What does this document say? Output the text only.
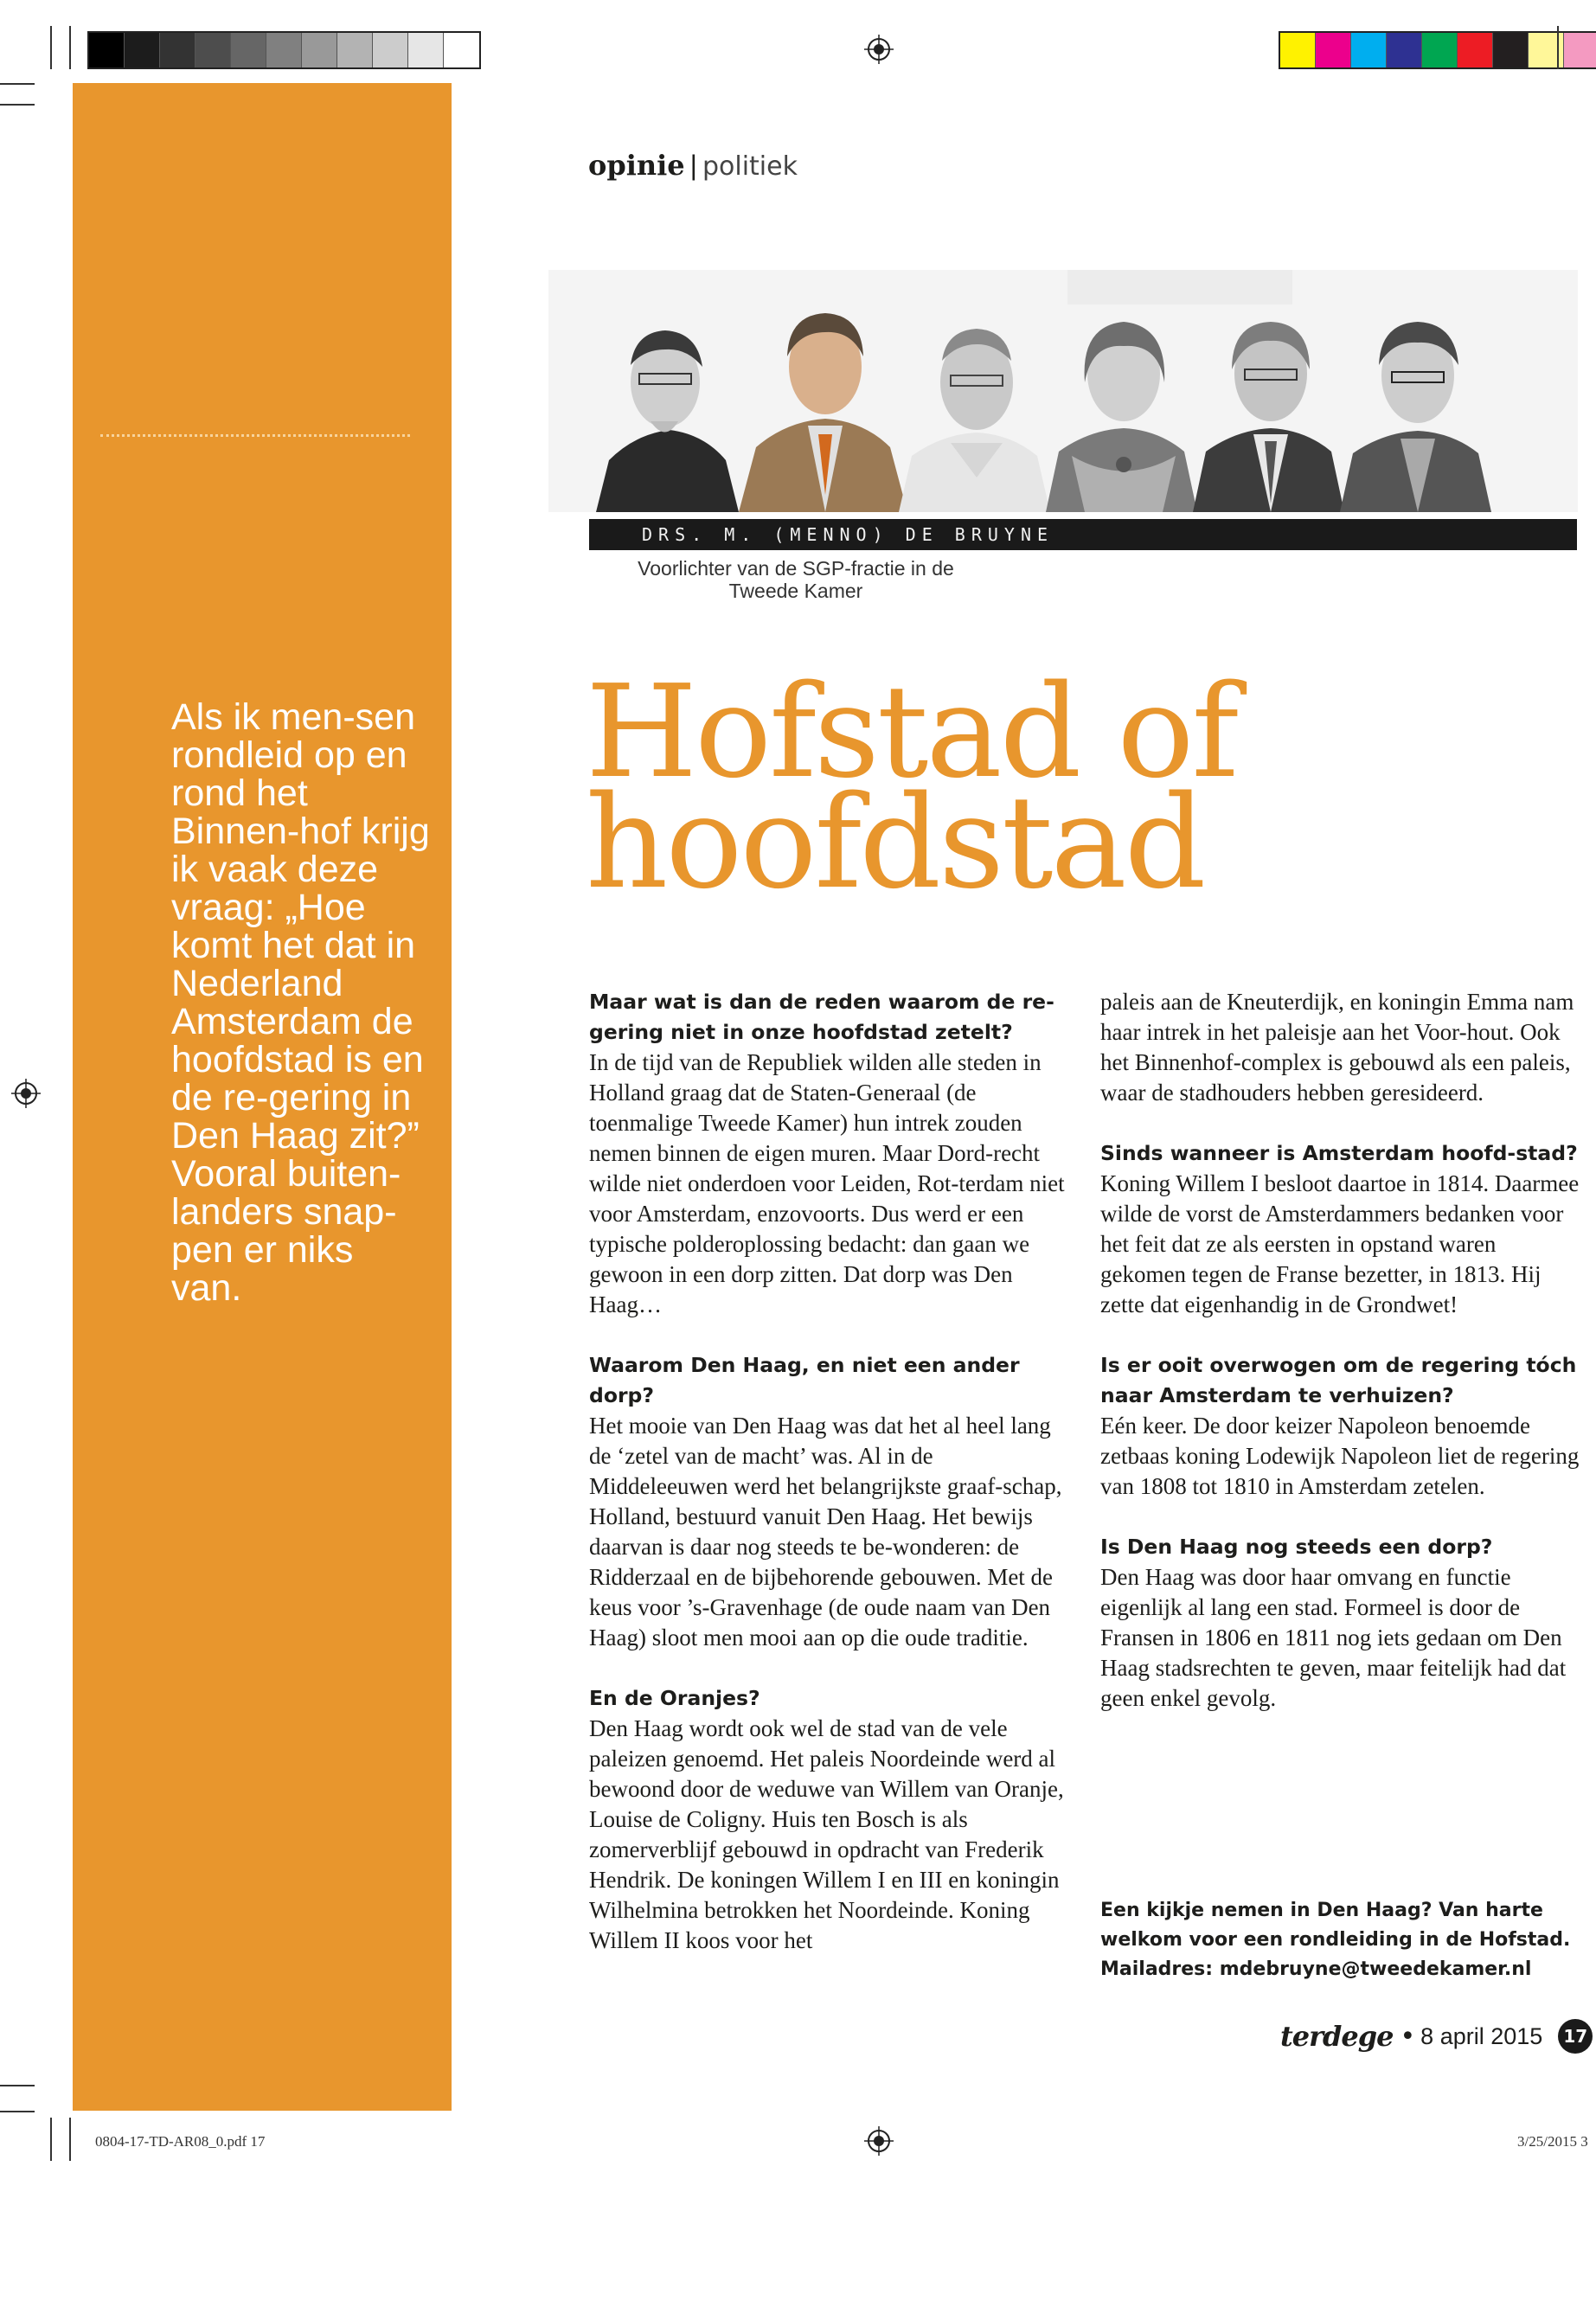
0804-17-TD-AR08_0.pdf 17	3/25/2015 3
Als ik men-sen rondleid op en rond het Binnen-hof krijg ik vaak deze vraag: „Hoe komt het dat in Nederland Amsterdam de hoofdstad is en de re-gering in Den Haag zit?” Vooral buiten-landers snap-pen er niks van.
opinie | politiek
DRS. M. (MENNO) DE BRUYNE
Voorlichter van de SGP-fractie in de
Tweede Kamer
Hofstad of
hoofdstad
Maar wat is dan de reden waarom de re-gering niet in onze hoofdstad zetelt?
In de tijd van de Republiek wilden alle steden in Holland graag dat de Staten-Generaal (de toenmalige Tweede Kamer) hun intrek zouden nemen binnen de eigen muren. Maar Dord-recht wilde niet onderdoen voor Leiden, Rot-terdam niet voor Amsterdam, enzovoorts. Dus werd er een typische polderoplossing bedacht: dan gaan we gewoon in een dorp zitten. Dat dorp was Den Haag…
Waarom Den Haag, en niet een ander dorp?
Het mooie van Den Haag was dat het al heel lang de ‘zetel van de macht’ was. Al in de Middeleeuwen werd het belangrijkste graaf-schap, Holland, bestuurd vanuit Den Haag. Het bewijs daarvan is daar nog steeds te be-wonderen: de Ridderzaal en de bijbehorende gebouwen. Met de keus voor ’s-Gravenhage (de oude naam van Den Haag) sloot men mooi aan op die oude traditie.
En de Oranjes?
Den Haag wordt ook wel de stad van de vele paleizen genoemd. Het paleis Noordeinde werd al bewoond door de weduwe van Willem van Oranje, Louise de Coligny. Huis ten Bosch is als zomerverblijf gebouwd in opdracht van Frederik Hendrik. De koningen Willem I en III en koningin Wilhelmina betrokken het Noordeinde. Koning Willem II koos voor het
paleis aan de Kneuterdijk, en koningin Emma nam haar intrek in het paleisje aan het Voor-hout. Ook het Binnenhof-complex is gebouwd als een paleis, waar de stadhouders hebben geresideerd.
Sinds wanneer is Amsterdam hoofd-stad?
Koning Willem I besloot daartoe in 1814. Daarmee wilde de vorst de Amsterdammers bedanken voor het feit dat ze als eersten in opstand waren gekomen tegen de Franse bezetter, in 1813. Hij zette dat eigenhandig in de Grondwet!
Is er ooit overwogen om de regering tóch naar Amsterdam te verhuizen?
Eén keer. De door keizer Napoleon benoemde zetbaas koning Lodewijk Napoleon liet de regering van 1808 tot 1810 in Amsterdam zetelen.
Is Den Haag nog steeds een dorp?
Den Haag was door haar omvang en functie eigenlijk al lang een stad. Formeel is door de Fransen in 1806 en 1811 nog iets gedaan om Den Haag stadsrechten te geven, maar feitelijk had dat geen enkel gevolg.
Een kijkje nemen in Den Haag? Van harte welkom voor een rondleiding in de Hofstad. Mailadres: mdebruyne@tweedekamer.nl
terdege • 8 april 2015	17
